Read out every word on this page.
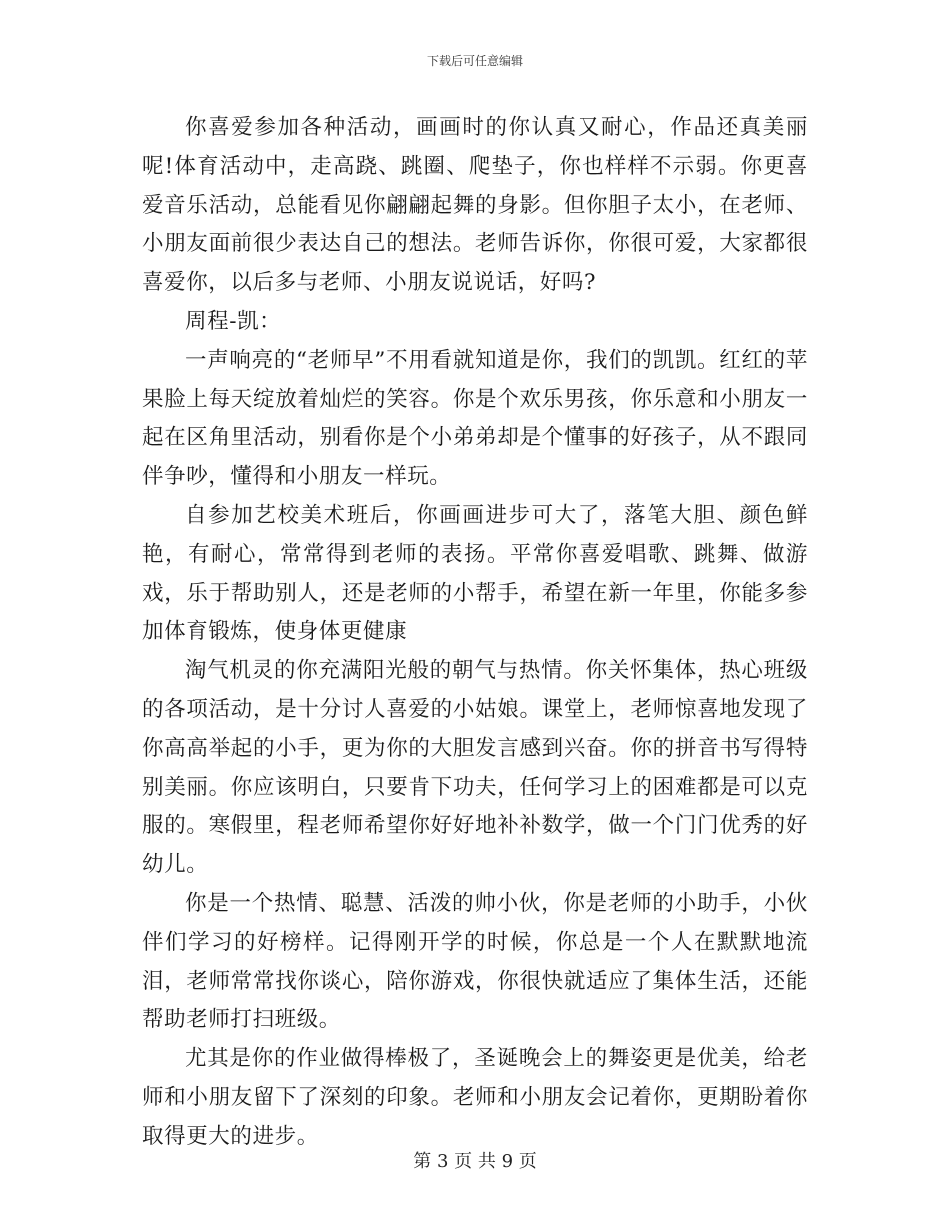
下载后可任意编辑

你喜爱参加各种活动，画画时的你认真又耐心，作品还真美丽呢!体育活动中，走高跷、跳圈、爬垫子，你也样样不示弱。你更喜爱音乐活动，总能看见你翩翩起舞的身影。但你胆子太小，在老师、小朋友面前很少表达自己的想法。老师告诉你，你很可爱，大家都很喜爱你，以后多与老师、小朋友说说话，好吗?

周程-凯：

一声响亮的“老师早”不用看就知道是你，我们的凯凯。红红的苹果脸上每天绽放着灿烂的笑容。你是个欢乐男孩，你乐意和小朋友一起在区角里活动，别看你是个小弟弟却是个懂事的好孩子，从不跟同伴争吵，懂得和小朋友一样玩。

自参加艺校美术班后，你画画进步可大了，落笔大胆、颜色鲜艳，有耐心，常常得到老师的表扬。平常你喜爱唱歌、跳舞、做游戏，乐于帮助别人，还是老师的小帮手，希望在新一年里，你能多参加体育锻炼，使身体更健康

淘气机灵的你充满阳光般的朝气与热情。你关怀集体，热心班级的各项活动，是十分讨人喜爱的小姑娘。课堂上，老师惊喜地发现了你高高举起的小手，更为你的大胆发言感到兴奋。你的拼音书写得特别美丽。你应该明白，只要肯下功夫，任何学习上的困难都是可以克服的。寒假里，程老师希望你好好地补补数学，做一个门门优秀的好幼儿。

你是一个热情、聪慧、活泼的帅小伙，你是老师的小助手，小伙伴们学习的好榜样。记得刚开学的时候，你总是一个人在默默地流泪，老师常常找你谈心，陪你游戏，你很快就适应了集体生活，还能帮助老师打扫班级。

尤其是你的作业做得棒极了，圣诞晚会上的舞姿更是优美，给老师和小朋友留下了深刻的印象。老师和小朋友会记着你，更期盼着你取得更大的进步。

第 3 页 共 9 页
